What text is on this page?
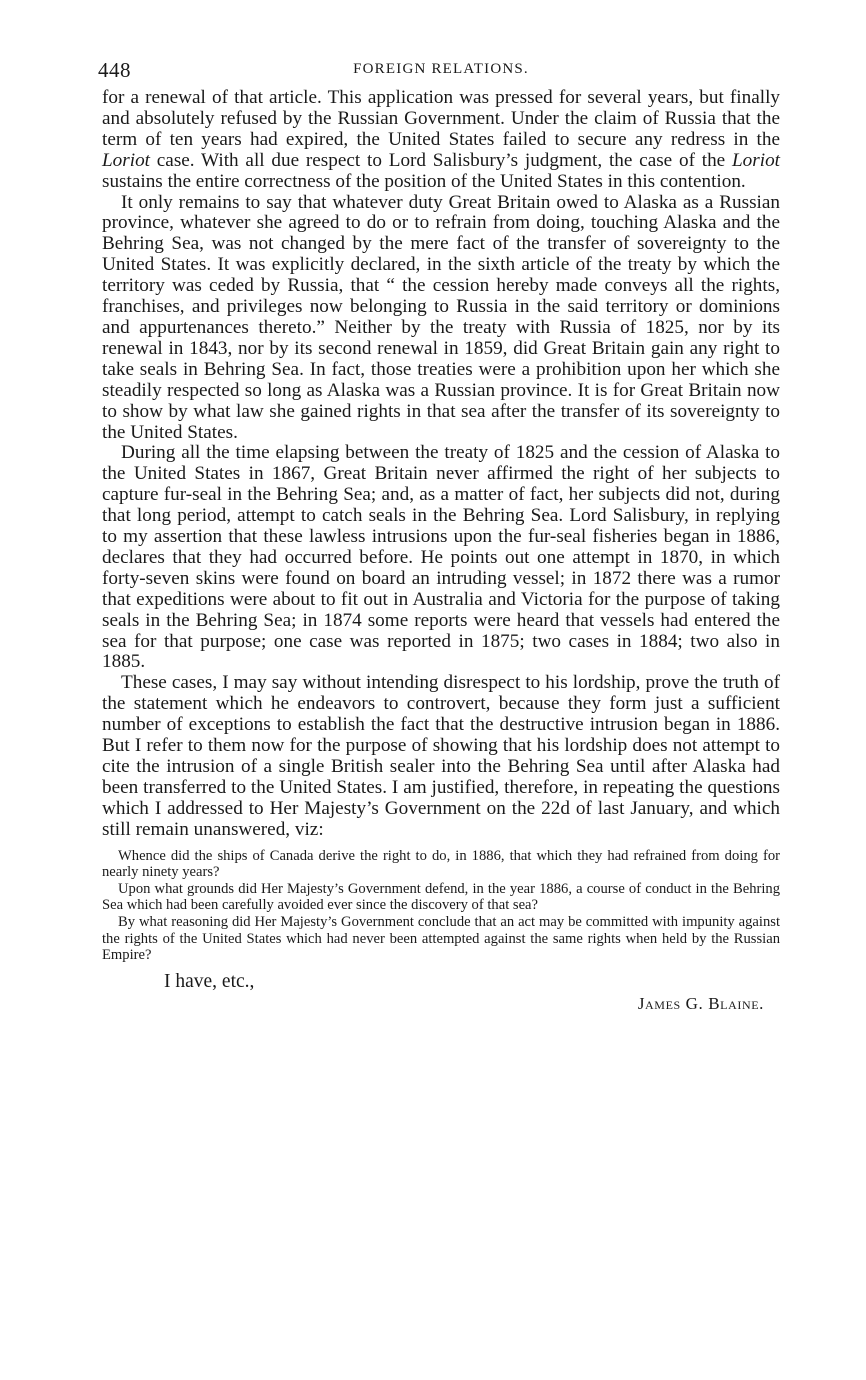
448	FOREIGN RELATIONS.

for a renewal of that article. This application was pressed for several years, but finally and absolutely refused by the Russian Government. Under the claim of Russia that the term of ten years had expired, the United States failed to secure any redress in the Loriot case. With all due respect to Lord Salisbury’s judgment, the case of the Loriot sustains the entire correctness of the position of the United States in this contention.

It only remains to say that whatever duty Great Britain owed to Alaska as a Russian province, whatever she agreed to do or to refrain from doing, touching Alaska and the Behring Sea, was not changed by the mere fact of the transfer of sovereignty to the United States. It was explicitly declared, in the sixth article of the treaty by which the territory was ceded by Russia, that “ the cession hereby made conveys all the rights, franchises, and privileges now belonging to Russia in the said territory or dominions and appurtenances thereto.” Neither by the treaty with Russia of 1825, nor by its renewal in 1843, nor by its second renewal in 1859, did Great Britain gain any right to take seals in Behring Sea. In fact, those treaties were a prohibition upon her which she steadily respected so long as Alaska was a Russian province. It is for Great Britain now to show by what law she gained rights in that sea after the transfer of its sovereignty to the United States.

During all the time elapsing between the treaty of 1825 and the cession of Alaska to the United States in 1867, Great Britain never affirmed the right of her subjects to capture fur-seal in the Behring Sea; and, as a matter of fact, her subjects did not, during that long period, attempt to catch seals in the Behring Sea. Lord Salisbury, in replying to my assertion that these lawless intrusions upon the fur-seal fisheries began in 1886, declares that they had occurred before. He points out one attempt in 1870, in which forty-seven skins were found on board an intruding vessel; in 1872 there was a rumor that expeditions were about to fit out in Australia and Victoria for the purpose of taking seals in the Behring Sea; in 1874 some reports were heard that vessels had entered the sea for that purpose; one case was reported in 1875; two cases in 1884; two also in 1885.

These cases, I may say without intending disrespect to his lordship, prove the truth of the statement which he endeavors to controvert, because they form just a sufficient number of exceptions to establish the fact that the destructive intrusion began in 1886. But I refer to them now for the purpose of showing that his lordship does not attempt to cite the intrusion of a single British sealer into the Behring Sea until after Alaska had been transferred to the United States. I am justified, therefore, in repeating the questions which I addressed to Her Majesty’s Government on the 22d of last January, and which still remain unanswered, viz:

Whence did the ships of Canada derive the right to do, in 1886, that which they had refrained from doing for nearly ninety years?

Upon what grounds did Her Majesty’s Government defend, in the year 1886, a course of conduct in the Behring Sea which had been carefully avoided ever since the discovery of that sea?

By what reasoning did Her Majesty’s Government conclude that an act may be committed with impunity against the rights of the United States which had never been attempted against the same rights when held by the Russian Empire?

I have, etc.,
James G. Blaine.
